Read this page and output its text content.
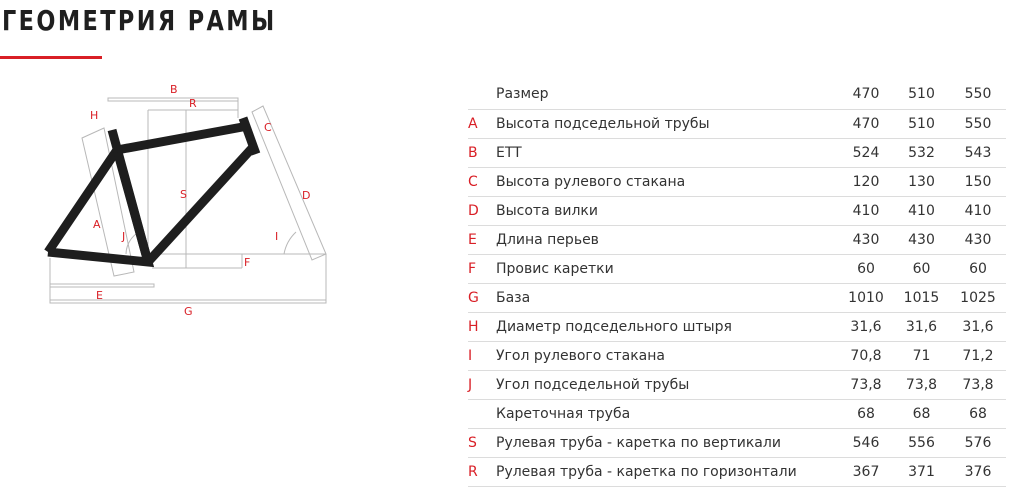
ГЕОМЕТРИЯ РАМЫ
B
R
H
C
S	D
A
I
J
F
E
G
	Размер	470	510	550
A	Высота подседельной трубы	470	510	550
B	ETT	524	532	543
C	Высота рулевого стакана	120	130	150
D	Высота вилки	410	410	410
E	Длина перьев	430	430	430
F	Провис каретки	60	60	60
G	База	1010	1015	1025
H	Диаметр подседельного штыря	31,6	31,6	31,6
I	Угол рулевого стакана	70,8	71	71,2
J	Угол подседельной трубы	73,8	73,8	73,8
	Кареточная труба	68	68	68
S	Рулевая труба - каретка по вертикали	546	556	576
R	Рулевая труба - каретка по горизонтали	367	371	376
